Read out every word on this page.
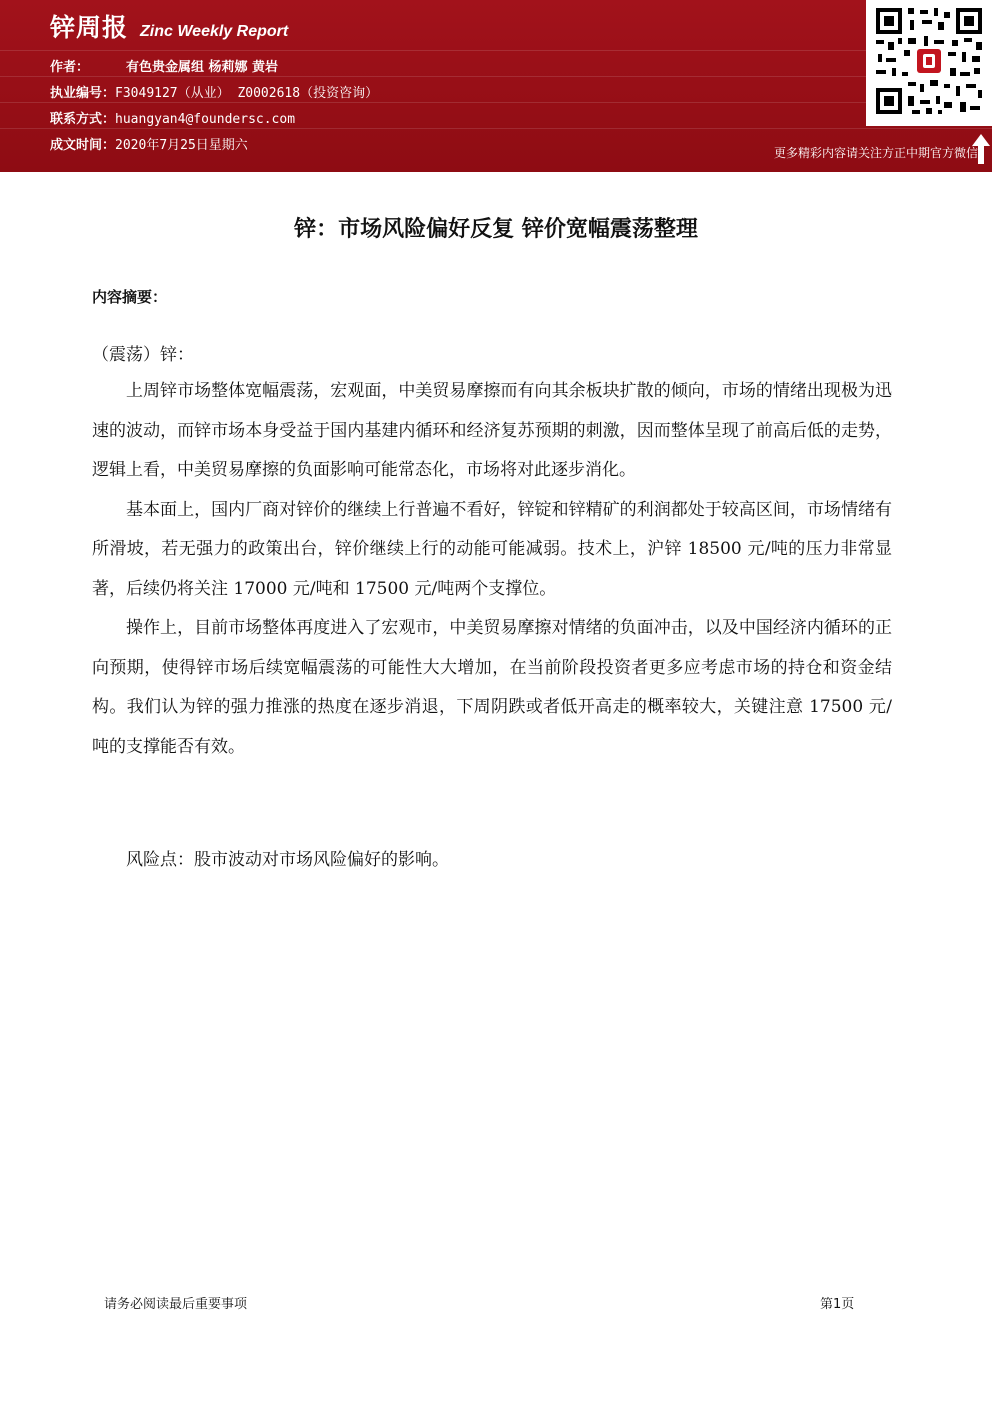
锌周报 Zinc Weekly Report
作者：	有色贵金属组 杨莉娜 黄岩
执业编号：F3049127（从业） Z0002618（投资咨询）
联系方式：huangyan4@foundersc.com
成文时间：2020年7月25日星期六	更多精彩内容请关注方正中期官方微信
锌：市场风险偏好反复 锌价宽幅震荡整理
内容摘要：
（震荡）锌：

上周锌市场整体宽幅震荡，宏观面，中美贸易摩擦而有向其余板块扩散的倾向，市场的情绪出现极为迅速的波动，而锌市场本身受益于国内基建内循环和经济复苏预期的刺激，因而整体呈现了前高后低的走势，逻辑上看，中美贸易摩擦的负面影响可能常态化，市场将对此逐步消化。

基本面上，国内厂商对锌价的继续上行普遍不看好，锌锭和锌精矿的利润都处于较高区间，市场情绪有所滑坡，若无强力的政策出台，锌价继续上行的动能可能减弱。技术上，沪锌 18500 元/吨的压力非常显著，后续仍将关注 17000 元/吨和 17500 元/吨两个支撑位。

操作上，目前市场整体再度进入了宏观市，中美贸易摩擦对情绪的负面冲击，以及中国经济内循环的正向预期，使得锌市场后续宽幅震荡的可能性大大增加，在当前阶段投资者更多应考虑市场的持仓和资金结构。我们认为锌的强力推涨的热度在逐步消退，下周阴跌或者低开高走的概率较大，关键注意 17500 元/吨的支撑能否有效。

风险点：股市波动对市场风险偏好的影响。
请务必阅读最后重要事项	第1页
